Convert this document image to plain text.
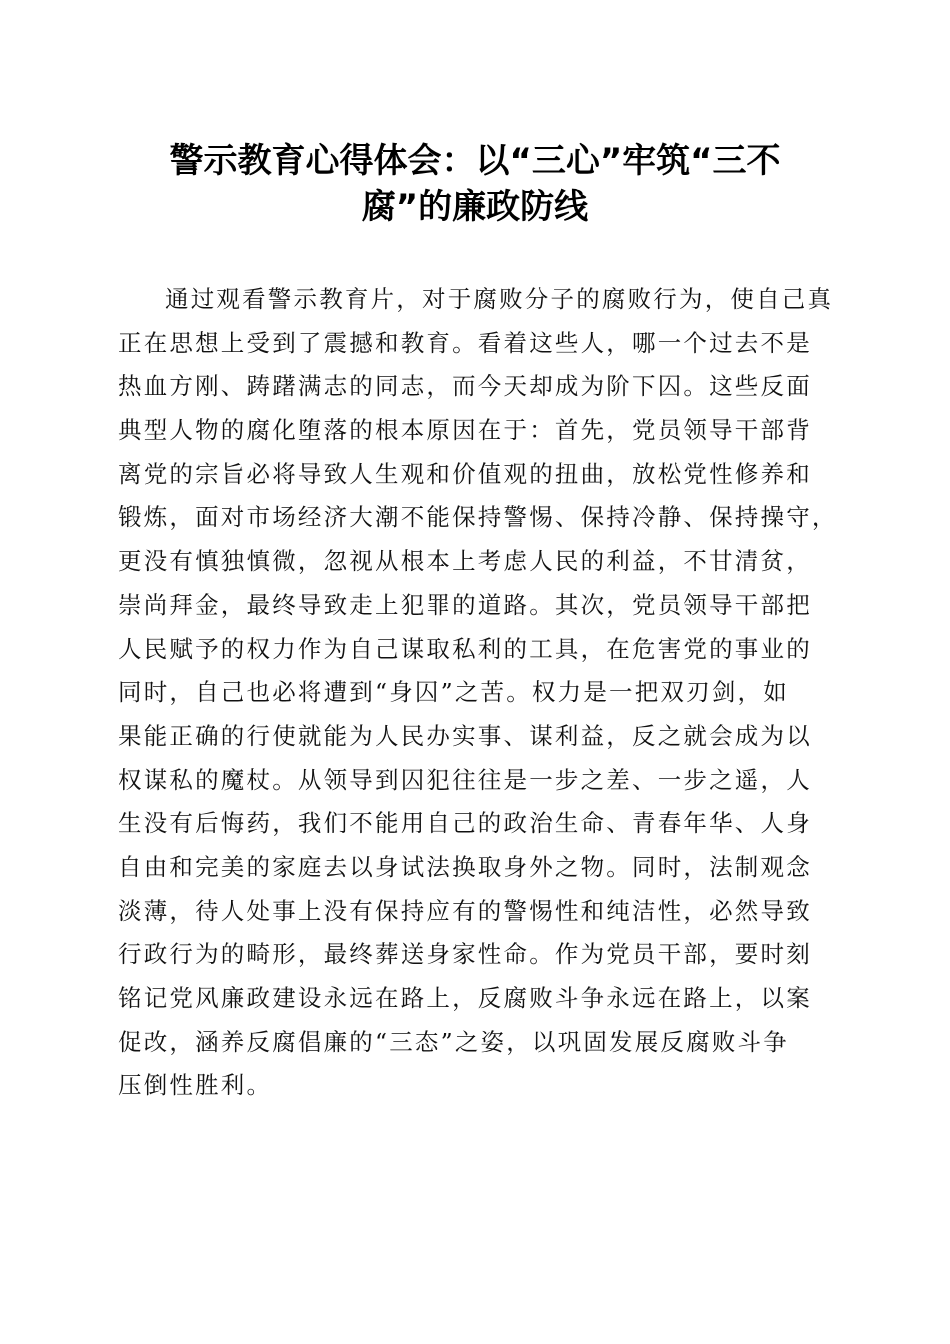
警示教育心得体会：以“三心”牢筑“三不
腐”的廉政防线
通过观看警示教育片，对于腐败分子的腐败行为，使自己真
正在思想上受到了震撼和教育。看着这些人，哪一个过去不是
热血方刚、踌躇满志的同志，而今天却成为阶下囚。这些反面
典型人物的腐化堕落的根本原因在于：首先，党员领导干部背
离党的宗旨必将导致人生观和价值观的扭曲，放松党性修养和
锻炼，面对市场经济大潮不能保持警惕、保持冷静、保持操守，
更没有慎独慎微，忽视从根本上考虑人民的利益，不甘清贫，
崇尚拜金，最终导致走上犯罪的道路。其次，党员领导干部把
人民赋予的权力作为自己谋取私利的工具，在危害党的事业的
同时，自己也必将遭到“身囚”之苦。权力是一把双刃剑，如
果能正确的行使就能为人民办实事、谋利益，反之就会成为以
权谋私的魔杖。从领导到囚犯往往是一步之差、一步之遥，人
生没有后悔药，我们不能用自己的政治生命、青春年华、人身
自由和完美的家庭去以身试法换取身外之物。同时，法制观念
淡薄，待人处事上没有保持应有的警惕性和纯洁性，必然导致
行政行为的畸形，最终葬送身家性命。作为党员干部，要时刻
铭记党风廉政建设永远在路上，反腐败斗争永远在路上，以案
促改，涵养反腐倡廉的“三态”之姿，以巩固发展反腐败斗争
压倒性胜利。
